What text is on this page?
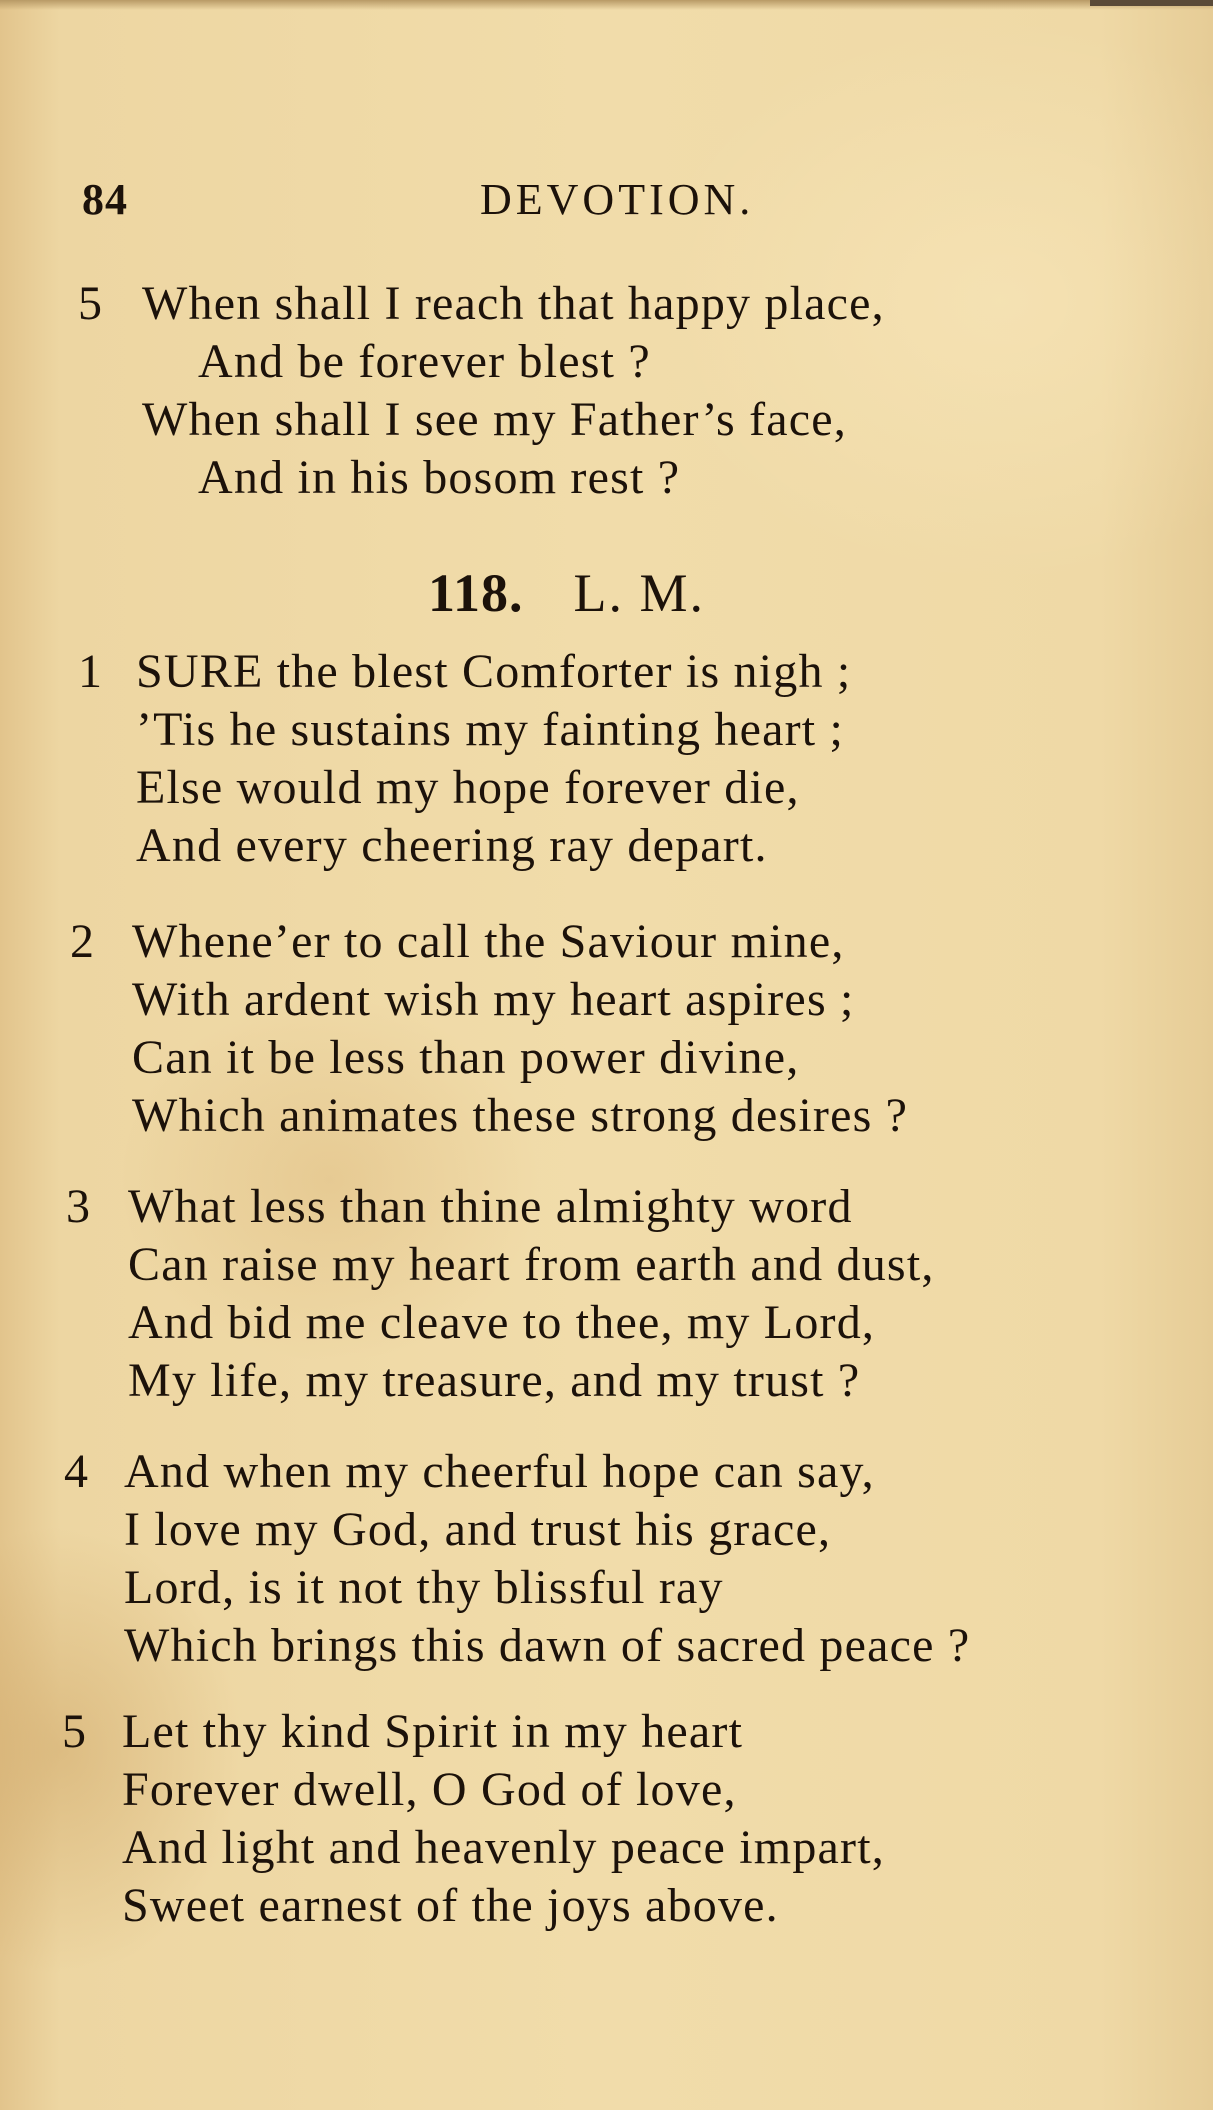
84	DEVOTION.
5 When shall I reach that happy place,
And be forever blest ?
When shall I see my Father’s face,
And in his bosom rest ?
118. L. M.
1 SURE the blest Comforter is nigh ;
’Tis he sustains my fainting heart ;
Else would my hope forever die,
And every cheering ray depart.
2 Whene’er to call the Saviour mine,
With ardent wish my heart aspires ;
Can it be less than power divine,
Which animates these strong desires ?
3 What less than thine almighty word
Can raise my heart from earth and dust,
And bid me cleave to thee, my Lord,
My life, my treasure, and my trust ?
4 And when my cheerful hope can say,
I love my God, and trust his grace,
Lord, is it not thy blissful ray
Which brings this dawn of sacred peace ?
5 Let thy kind Spirit in my heart
Forever dwell, O God of love,
And light and heavenly peace impart,
Sweet earnest of the joys above.
